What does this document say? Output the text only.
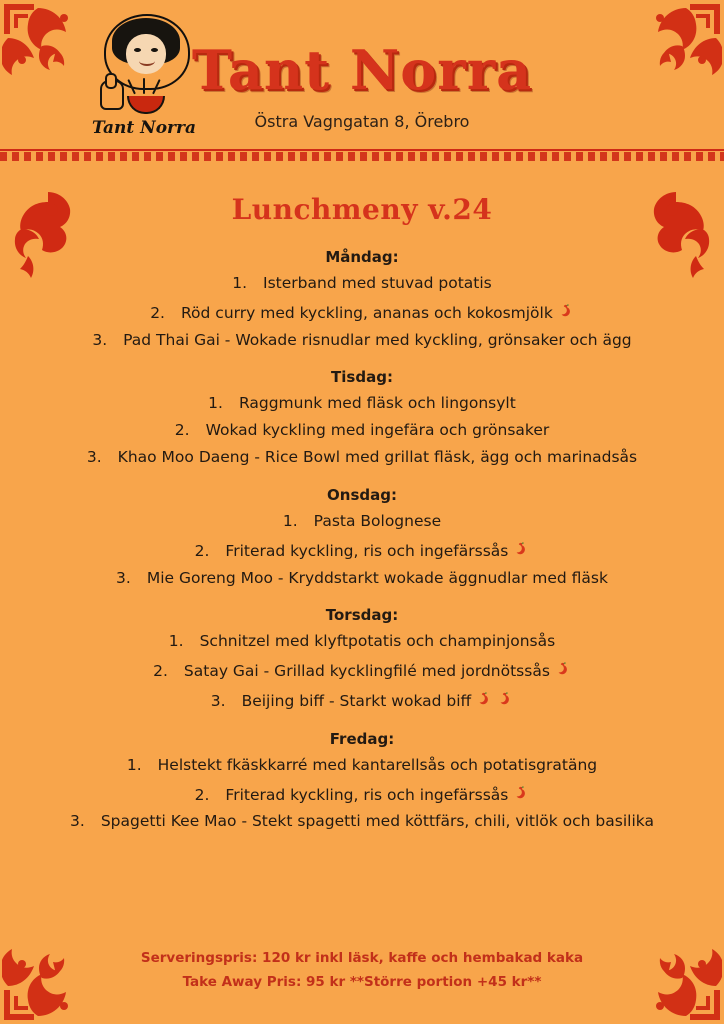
Tant Norra
Tant Norra
Östra Vagngatan 8, Örebro
Lunchmeny v.24
Måndag:
1. Isterband med stuvad potatis
2. Röd curry med kyckling, ananas och kokosmjölk
3. Pad Thai Gai - Wokade risnudlar med kyckling, grönsaker och ägg
Tisdag:
1. Raggmunk med fläsk och lingonsylt
2. Wokad kyckling med ingefära och grönsaker
3. Khao Moo Daeng - Rice Bowl med grillat fläsk, ägg och marinadsås
Onsdag:
1. Pasta Bolognese
2. Friterad kyckling, ris och ingefärssås
3. Mie Goreng Moo - Kryddstarkt wokade äggnudlar med fläsk
Torsdag:
1. Schnitzel med klyftpotatis och champinjonsås
2. Satay Gai - Grillad kycklingfilé med jordnötssås
3. Beijing biff - Starkt wokad biff
Fredag:
1. Helstekt fkäskkarré med kantarellsås och potatisgratäng
2. Friterad kyckling, ris och ingefärssås
3. Spagetti Kee Mao - Stekt spagetti med köttfärs, chili, vitlök och basilika
Serveringspris: 120 kr inkl läsk, kaffe och hembakad kaka
Take Away Pris: 95 kr **Större portion +45 kr**
